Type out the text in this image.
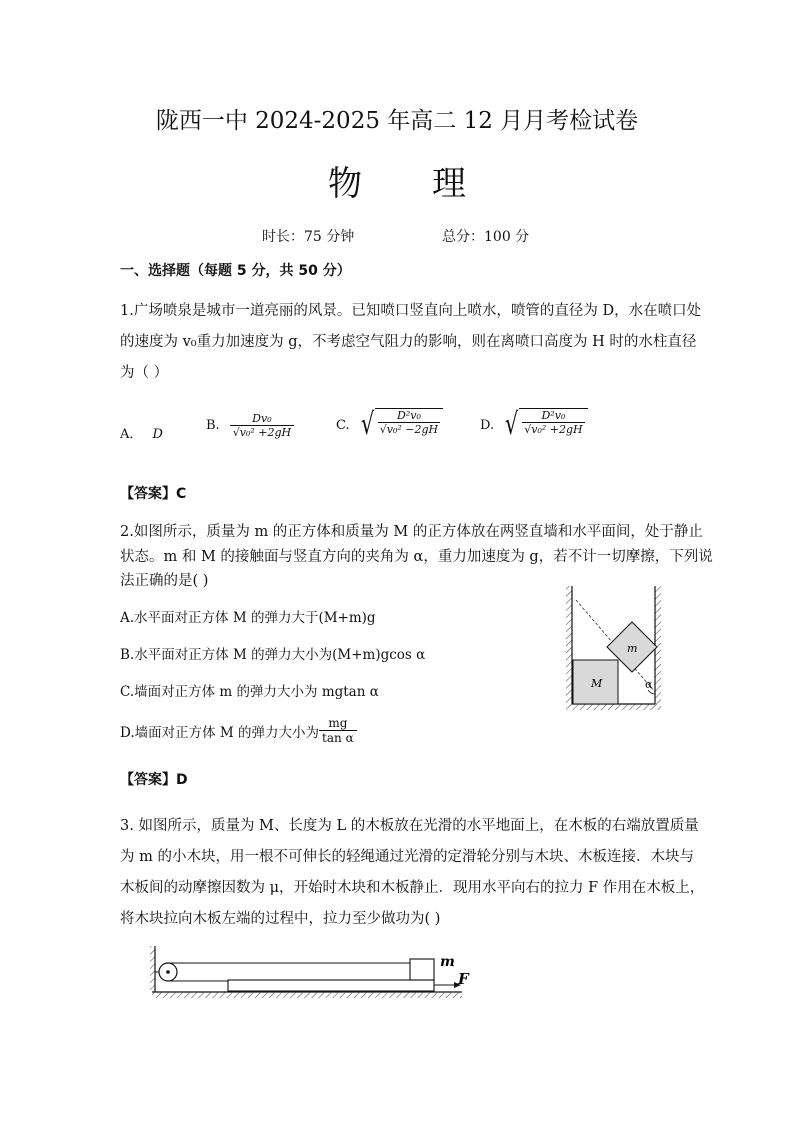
陇西一中 2024-2025 年高二 12 月月考检试卷
物 理
时长：75 分钟	总分：100 分
一、选择题（每题 5 分，共 50 分）
1.广场喷泉是城市一道亮丽的风景。已知喷口竖直向上喷水，喷管的直径为 D，水在喷口处
的速度为 v₀重力加速度为 g，不考虑空气阻力的影响，则在离喷口高度为 H 时的水柱直径
为（ ）
A． D
B. $\frac{\text{Dv₀}}{\text{√v₀² +2gH}}$	C. √ $\frac{\text{D²v₀}}{\text{√v₀² −2gH}}$	D. √ $\frac{\text{D²v₀}}{\text{√v₀² +2gH}}$
【答案】C
2.如图所示，质量为 m 的正方体和质量为 M 的正方体放在两竖直墙和水平面间，处于静止
状态。m 和 M 的接触面与竖直方向的夹角为 α，重力加速度为 g，若不计一切摩擦，下列说
法正确的是( )
A.水平面对正方体 M 的弹力大于(M+m)g
B.水平面对正方体 M 的弹力大小为(M+m)gcos α
C.墙面对正方体 m 的弹力大小为 mgtan α
D.墙面对正方体 M 的弹力大小为 $\frac{mg}{\text{tan α}}$
M
m
α
【答案】D
3. 如图所示，质量为 M、长度为 L 的木板放在光滑的水平地面上，在木板的右端放置质量
为 m 的小木块，用一根不可伸长的轻绳通过光滑的定滑轮分别与木块、木板连接．木块与
木板间的动摩擦因数为 μ，开始时木块和木板静止．现用水平向右的拉力 F 作用在木板上，
将木块拉向木板左端的过程中，拉力至少做功为( )
m
F
